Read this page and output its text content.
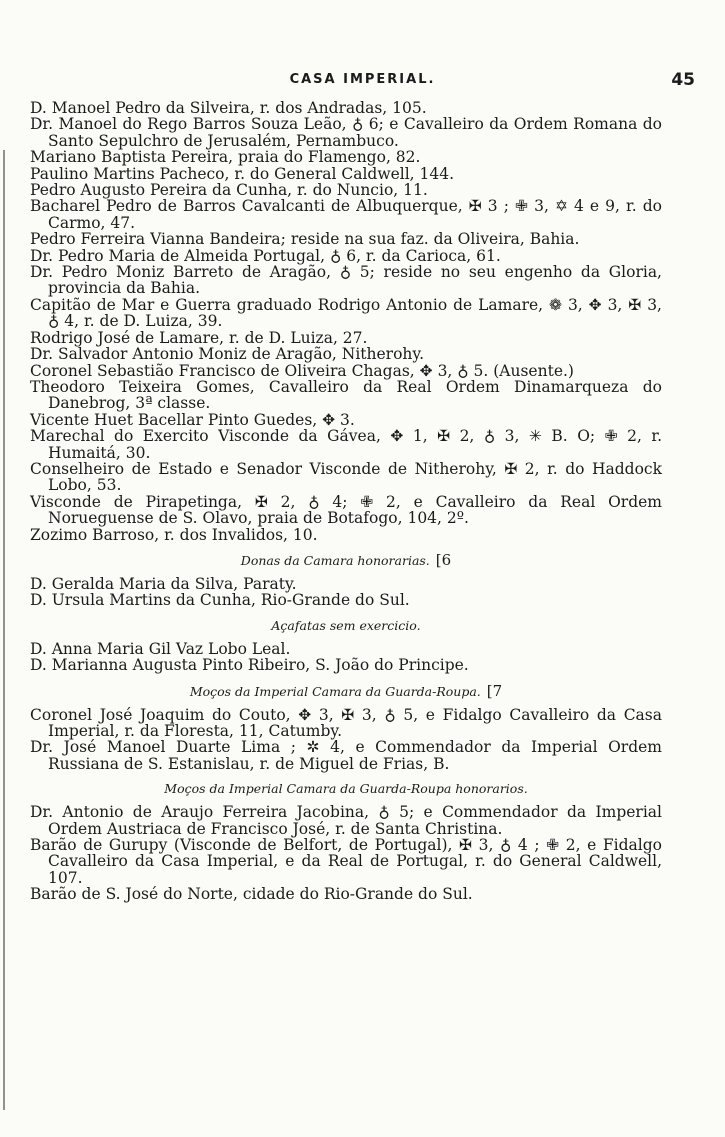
CASA IMPERIAL.	45

D. Manoel Pedro da Silveira, r. dos Andradas, 105.

Dr. Manoel do Rego Barros Souza Leão, ♁ 6; e Cavalleiro da Ordem Romana do Santo Sepulchro de Jerusalém, Pernambuco.

Mariano Baptista Pereira, praia do Flamengo, 82.

Paulino Martins Pacheco, r. do General Caldwell, 144.

Pedro Augusto Pereira da Cunha, r. do Nuncio, 11.

Bacharel Pedro de Barros Cavalcanti de Albuquerque, ✠ 3 ; ✙ 3, ✡ 4 e 9, r. do Carmo, 47.

Pedro Ferreira Vianna Bandeira; reside na sua faz. da Oliveira, Bahia.

Dr. Pedro Maria de Almeida Portugal, ♁ 6, r. da Carioca, 61.

Dr. Pedro Moniz Barreto de Aragão, ♁ 5; reside no seu engenho da Gloria, provincia da Bahia.

Capitão de Mar e Guerra graduado Rodrigo Antonio de Lamare, ❁ 3, ✥ 3, ✠ 3, ♁ 4, r. de D. Luiza, 39.

Rodrigo José de Lamare, r. de D. Luiza, 27.

Dr. Salvador Antonio Moniz de Aragão, Nitherohy.

Coronel Sebastião Francisco de Oliveira Chagas, ✥ 3, ♁ 5. (Ausente.)

Theodoro Teixeira Gomes, Cavalleiro da Real Ordem Dinamarqueza do Danebrog, 3ª classe.

Vicente Huet Bacellar Pinto Guedes, ✥ 3.

Marechal do Exercito Visconde da Gávea, ✥ 1, ✠ 2, ♁ 3, ✳ B. O; ✙ 2, r. Humaitá, 30.

Conselheiro de Estado e Senador Visconde de Nitherohy, ✠ 2, r. do Haddock Lobo, 53.

Visconde de Pirapetinga, ✠ 2, ♁ 4; ✙ 2, e Cavalleiro da Real Ordem Norueguense de S. Olavo, praia de Botafogo, 104, 2º.

Zozimo Barroso, r. dos Invalidos, 10.

Donas da Camara honorarias. [6

D. Geralda Maria da Silva, Paraty.

D. Ursula Martins da Cunha, Rio-Grande do Sul.

Açafatas sem exercicio.

D. Anna Maria Gil Vaz Lobo Leal.

D. Marianna Augusta Pinto Ribeiro, S. João do Principe.

Moços da Imperial Camara da Guarda-Roupa. [7

Coronel José Joaquim do Couto, ✥ 3, ✠ 3, ♁ 5, e Fidalgo Cavalleiro da Casa Imperial, r. da Floresta, 11, Catumby.

Dr. José Manoel Duarte Lima ; ✲ 4, e Commendador da Imperial Ordem Russiana de S. Estanislau, r. de Miguel de Frias, B.

Moços da Imperial Camara da Guarda-Roupa honorarios.

Dr. Antonio de Araujo Ferreira Jacobina, ♁ 5; e Commendador da Imperial Ordem Austriaca de Francisco José, r. de Santa Christina.

Barão de Gurupy (Visconde de Belfort, de Portugal), ✠ 3, ♁ 4 ; ✙ 2, e Fidalgo Cavalleiro da Casa Imperial, e da Real de Portugal, r. do General Caldwell, 107.

Barão de S. José do Norte, cidade do Rio-Grande do Sul.
